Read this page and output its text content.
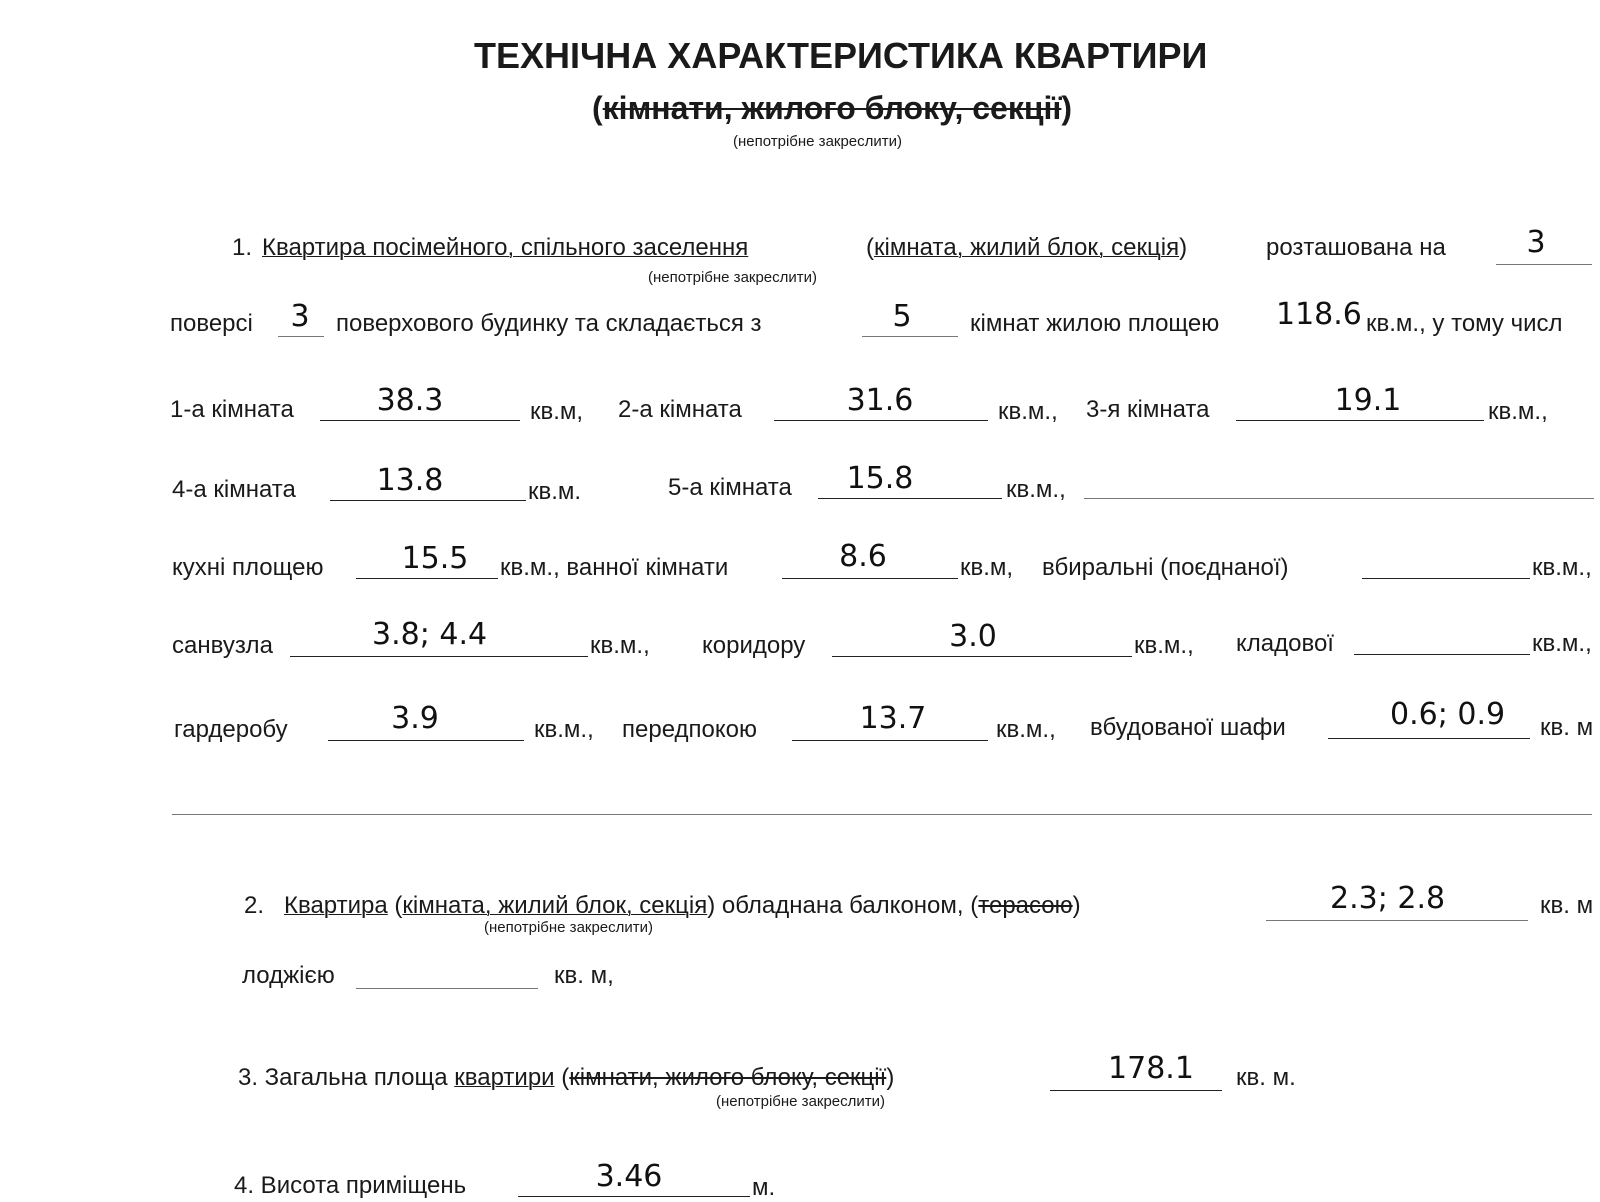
ТЕХНІЧНА ХАРАКТЕРИСТИКА КВАРТИРИ
(кімнати, жилого блоку, секції)
(непотрібне закреслити)
1. Квартира посімейного, спільного заселення	(кімнатa, жилий блок, секція)	розташована на	3
(непотрібне закреслити)
поверсі 3	поверхового будинку та складається з	5	кімнат жилою площею 118.6 кв.м., у тому числ
1-а кімната	38.3	кв.м, 2-а кімната	31.6	кв.м., 3-я кімната	19.1	кв.м.,
4-а кімната	13.8	кв.м.	5-а кімната	15.8	кв.м.,
кухні площею	15.5	кв.м., ванної кімнати	8.6	кв.м, вбиральні (поєднаної)	кв.м.,
санвузла	3.8; 4.4	кв.м., коридору	3.0	кв.м., кладової	кв.м.,
гардеробу	3.9	кв.м., передпокою	13.7	кв.м., вбудованої шафи	0.6; 0.9 кв. м
2. Квартира (кімната, жилий блок, секція) обладнана балконом, (терасою)	2.3; 2.8	кв. м
(непотрібне закреслити)
лоджією	кв. м,
3. Загальна площа квартири (кімнати, жилого блоку, секції)	178.1	кв. м.
(непотрібне закреслити)
4. Висота приміщень	3.46	м.
